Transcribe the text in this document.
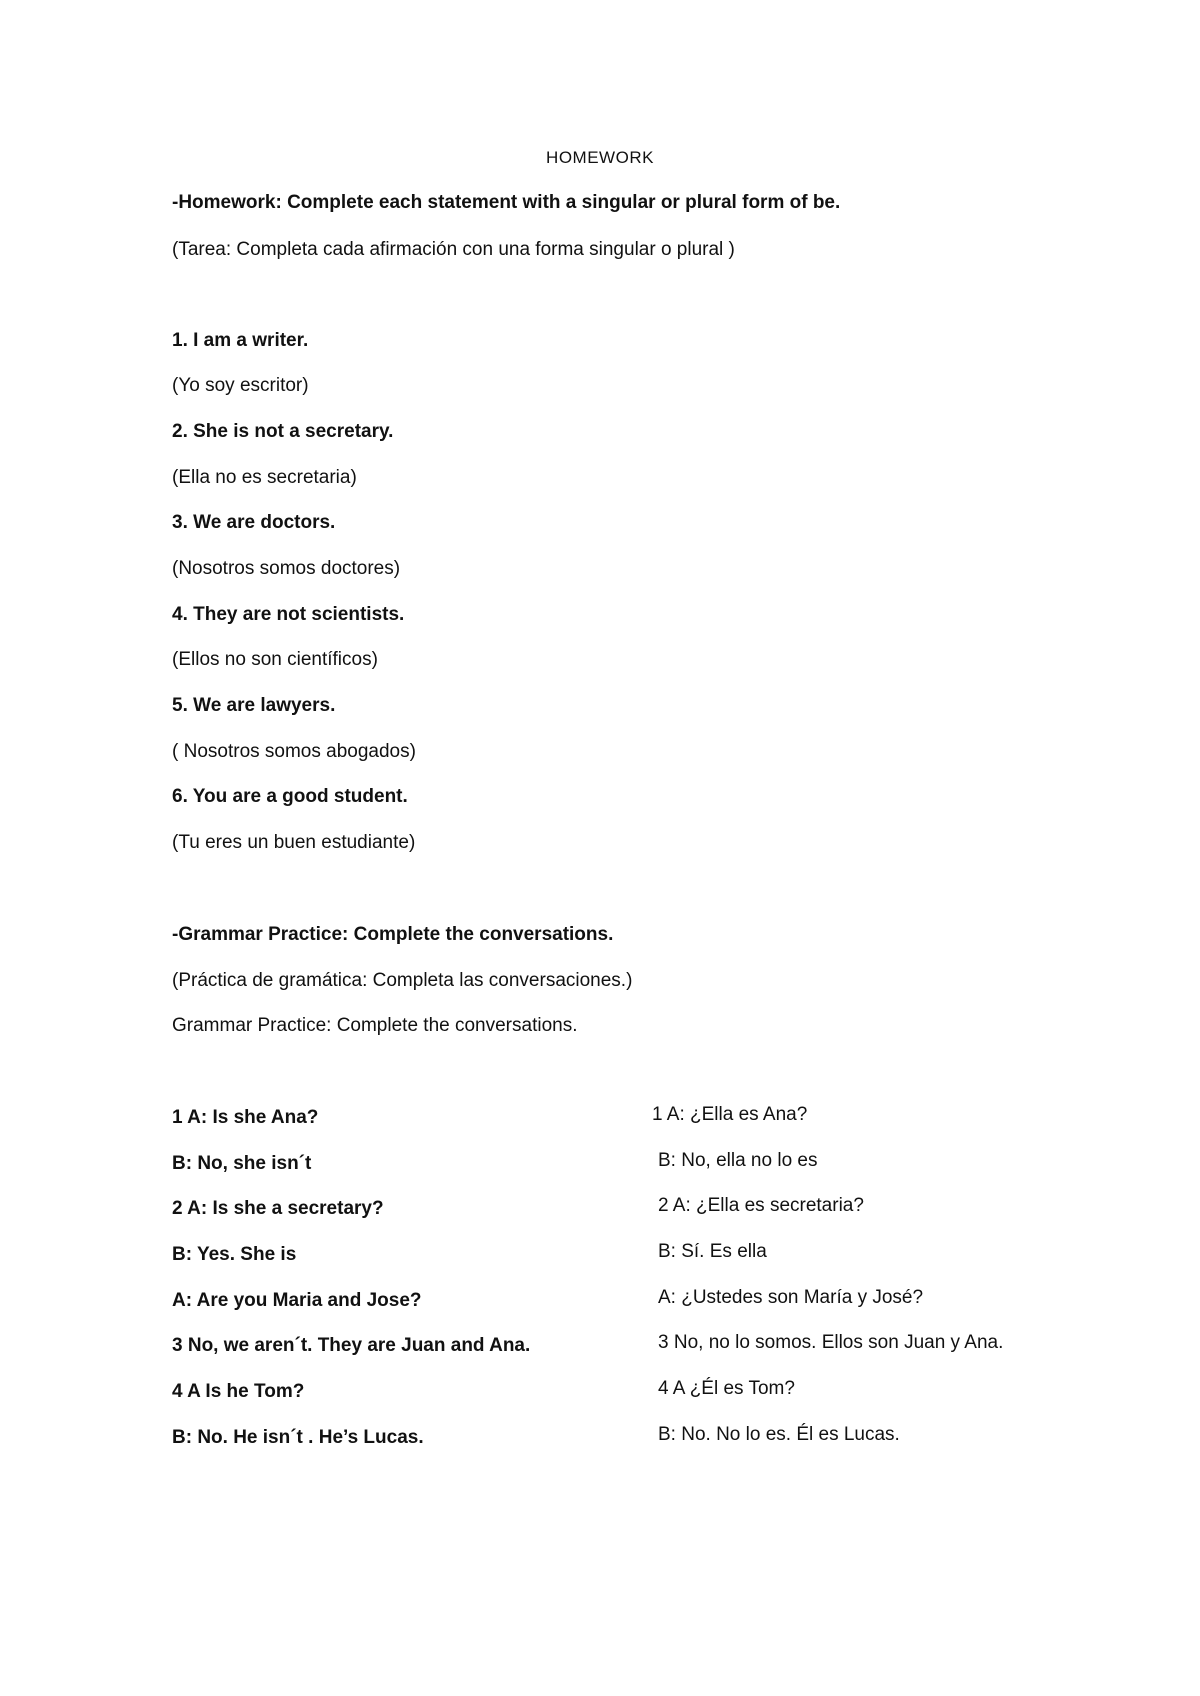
HOMEWORK
-Homework: Complete each statement with a singular or plural form of be.
(Tarea: Completa cada afirmación con una forma singular o plural )
1. I am a writer.
(Yo soy escritor)
2. She is not a secretary.
(Ella no es secretaria)
3. We are doctors.
(Nosotros somos doctores)
4. They are not scientists.
(Ellos no son científicos)
5. We are lawyers.
( Nosotros somos abogados)
6. You are a good student.
(Tu eres un buen estudiante)
-Grammar Practice: Complete the conversations.
(Práctica de gramática: Completa las conversaciones.)
Grammar Practice: Complete the conversations.
1 A: Is she Ana?
B: No, she isn´t
2 A: Is she a secretary?
B: Yes. She is
A: Are you Maria and Jose?
3 No, we aren´t. They are Juan and Ana.
4 A Is he Tom?
B: No. He isn´t . He’s Lucas.
1 A: ¿Ella es Ana?
B: No, ella no lo es
2 A: ¿Ella es secretaria?
B: Sí. Es ella
A: ¿Ustedes son María y José?
3 No, no lo somos. Ellos son Juan y Ana.
4 A ¿Él es Tom?
B: No. No lo es. Él es Lucas.
